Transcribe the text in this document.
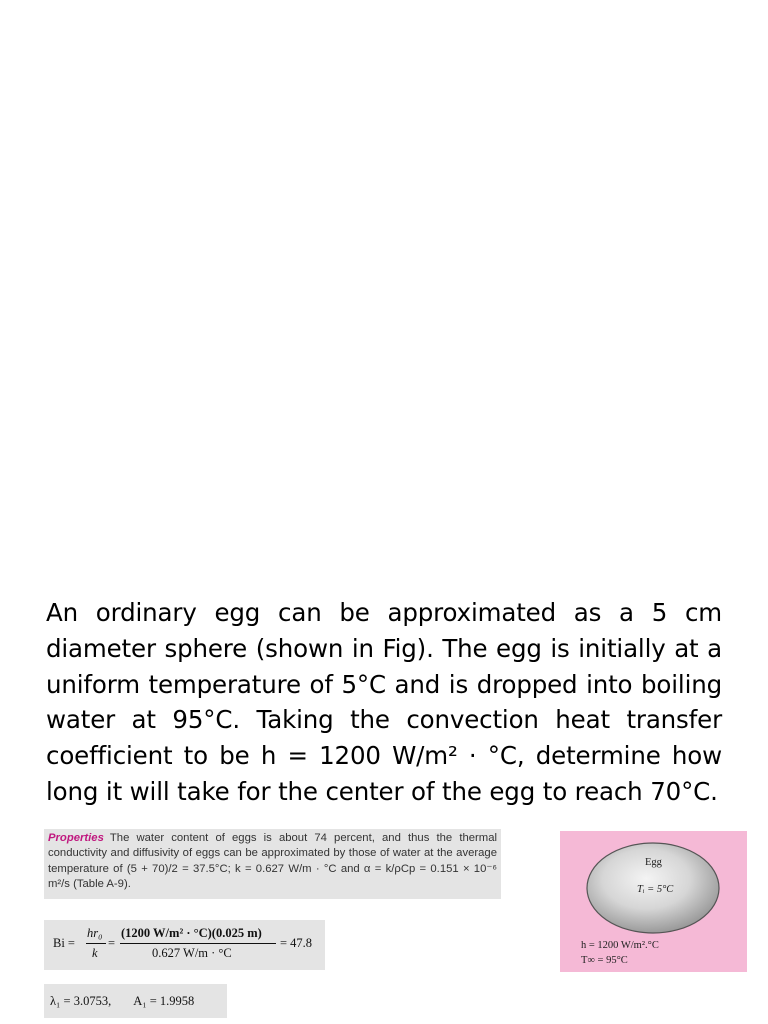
An ordinary egg can be approximated as a 5 cm diameter sphere (shown in Fig). The egg is initially at a uniform temperature of 5°C and is dropped into boiling water at 95°C. Taking the convection heat transfer coefficient to be h = 1200 W/m² · °C, determine how long it will take for the center of the egg to reach 70°C.
Properties The water content of eggs is about 74 percent, and thus the thermal conductivity and diffusivity of eggs can be approximated by those of water at the average temperature of (5 + 70)/2 = 37.5°C; k = 0.627 W/m · °C and α = k/ρCp = 0.151 × 10⁻⁶ m²/s (Table A-9).
Bi =
hr₀
k
=
(1200 W/m² · °C)(0.025 m)
0.627 W/m · °C
= 47.8
λ₁ = 3.0753, A₁ = 1.9958
Egg
Tᵢ = 5°C
h = 1200 W/m².°C
T∞ = 95°C
